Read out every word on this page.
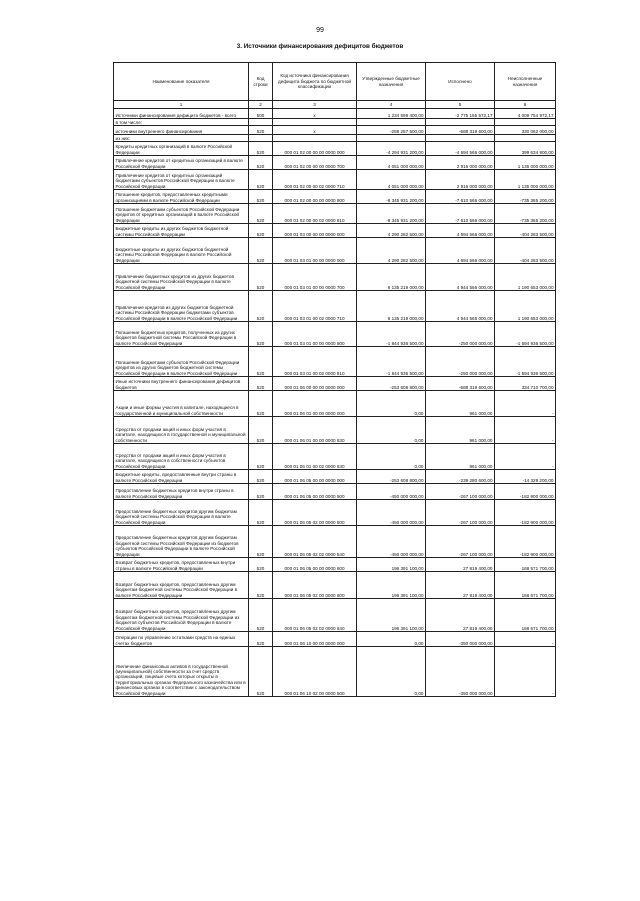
99
3. Источники финансирования дефицитов бюджетов
Наименование показателя	Код строки	Код источника финансирования дефицита бюджета по бюджетной классификации	Утвержденные бюджетные назначения	Исполнено	Неисполненные назначения
1	2	3	4	5	6
Источники финансирования дефицита бюджетов - всего	500	x	1 234 599 400,00	-2 775 155 572,17	4 009 754 972,17
в том числе:					
источники внутреннего финансирования	520	x	-258 257 500,00	-588 319 600,00	330 062 000,00
из них:					
Кредиты кредитных организаций в валюте Российской Федерации	520	000 01 02 00 00 00 0000 000	-4 294 931 200,00	-4 694 566 000,00	399 634 800,00
Привлечение кредитов от кредитных организаций в валюте Российской Федерации	520	000 01 02 00 00 00 0000 700	4 051 000 000,00	2 916 000 000,00	1 135 000 000,00
Привлечение кредитов от кредитных организаций бюджетами субъектов Российской Федерации в валюте Российской Федерации	520	000 01 02 00 00 02 0000 710	4 051 000 000,00	2 916 000 000,00	1 135 000 000,00
Погашение кредитов, предоставленных кредитными организациями в валюте Российской Федерации	520	000 01 02 00 00 00 0000 800	-8 345 931 200,00	-7 610 566 000,00	-735 365 200,00
Погашение бюджетами субъектов Российской Федерации кредитов от кредитных организаций в валюте Российской Федерации	520	000 01 02 00 00 02 0000 810	-8 345 931 200,00	-7 610 566 000,00	-735 365 200,00
Бюджетные кредиты из других бюджетов бюджетной системы Российской Федерации	520	000 01 03 00 00 00 0000 000	4 290 282 500,00	4 694 566 000,00	-404 283 500,00
Бюджетные кредиты из других бюджетов бюджетной системы Российской Федерации в валюте Российской Федерации	520	000 01 03 01 00 00 0000 000	4 290 282 500,00	4 694 566 000,00	-404 283 500,00
Привлечение бюджетных кредитов из других бюджетов бюджетной системы Российской Федерации в валюте Российской Федерации	520	000 01 03 01 00 00 0000 700	6 135 219 000,00	4 944 566 000,00	1 190 653 000,00
Привлечение кредитов из других бюджетов бюджетной системы Российской Федерации бюджетами субъектов Российской Федерации в валюте Российской Федерации	520	000 01 03 01 00 02 0000 710	6 135 219 000,00	4 944 566 000,00	1 190 653 000,00
Погашение бюджетных кредитов, полученных из других бюджетов бюджетной системы Российской Федерации в валюте Российской Федерации	520	000 01 03 01 00 00 0000 800	-1 844 936 500,00	-250 000 000,00	-1 594 936 500,00
Погашение бюджетами субъектов Российской Федерации кредитов из других бюджетов бюджетной системы Российской Федерации в валюте Российской Федерации	520	000 01 03 01 00 02 0000 810	-1 844 936 500,00	-250 000 000,00	-1 594 936 500,00
Иные источники внутреннего финансирования дефицитов бюджетов	520	000 01 06 00 00 00 0000 000	-253 608 800,00	-588 319 600,00	334 710 700,00
Акции и иные формы участия в капитале, находящиеся в государственной и муниципальной собственности	520	000 01 06 01 00 00 0000 000	0,00	961 000,00	-
Средства от продажи акций и иных форм участия в капитале, находящихся в государственной и муниципальной собственности	520	000 01 06 01 00 00 0000 630	0,00	961 000,00	-
Средства от продажи акций и иных форм участия в капитале, находящихся в собственности субъектов Российской Федерации	520	000 01 06 01 00 02 0000 630	0,00	961 000,00	-
Бюджетные кредиты, предоставленные внутри страны в валюте Российской Федерации	520	000 01 06 05 00 00 0000 000	-253 608 800,00	-239 280 600,00	-14 328 200,00
Предоставление бюджетных кредитов внутри страны в валюте Российской Федерации	520	000 01 06 05 00 00 0000 500	-450 000 000,00	-267 100 000,00	-182 900 000,00
Предоставление бюджетных кредитов другим бюджетам бюджетной системы Российской Федерации в валюте Российской Федерации	520	000 01 06 05 02 00 0000 500	-450 000 000,00	-267 100 000,00	-182 900 000,00
Предоставление бюджетных кредитов другим бюджетам бюджетной системы Российской Федерации из бюджетов субъектов Российской Федерации в валюте Российской Федерации	520	000 01 06 05 02 02 0000 540	-450 000 000,00	-267 100 000,00	-182 900 000,00
Возврат бюджетных кредитов, предоставленных внутри страны в валюте Российской Федерации	520	000 01 06 05 00 00 0000 600	196 391 100,00	27 819 400,00	168 571 700,00
Возврат бюджетных кредитов, предоставленных другим бюджетам бюджетной системы Российской Федерации в валюте Российской Федерации	520	000 01 06 05 02 00 0000 600	196 391 100,00	27 819 400,00	168 571 700,00
Возврат бюджетных кредитов, предоставленных другим бюджетам бюджетной системы Российской Федерации из бюджетов субъектов Российской Федерации в валюте Российской Федерации	520	000 01 06 05 02 02 0000 640	196 391 100,00	27 819 400,00	168 571 700,00
Операции по управлению остатками средств на единых счетах бюджетов	520	000 01 06 10 00 00 0000 000	0,00	-350 000 000,00	-
Увеличение финансовых активов в государственной (муниципальной) собственности за счет средств организаций, лицевые счета которых открыты в территориальных органах Федерального казначейства или в финансовых органах в соответствии с законодательством Российской Федерации	520	000 01 06 10 02 00 0000 500	0,00	-350 000 000,00	-
